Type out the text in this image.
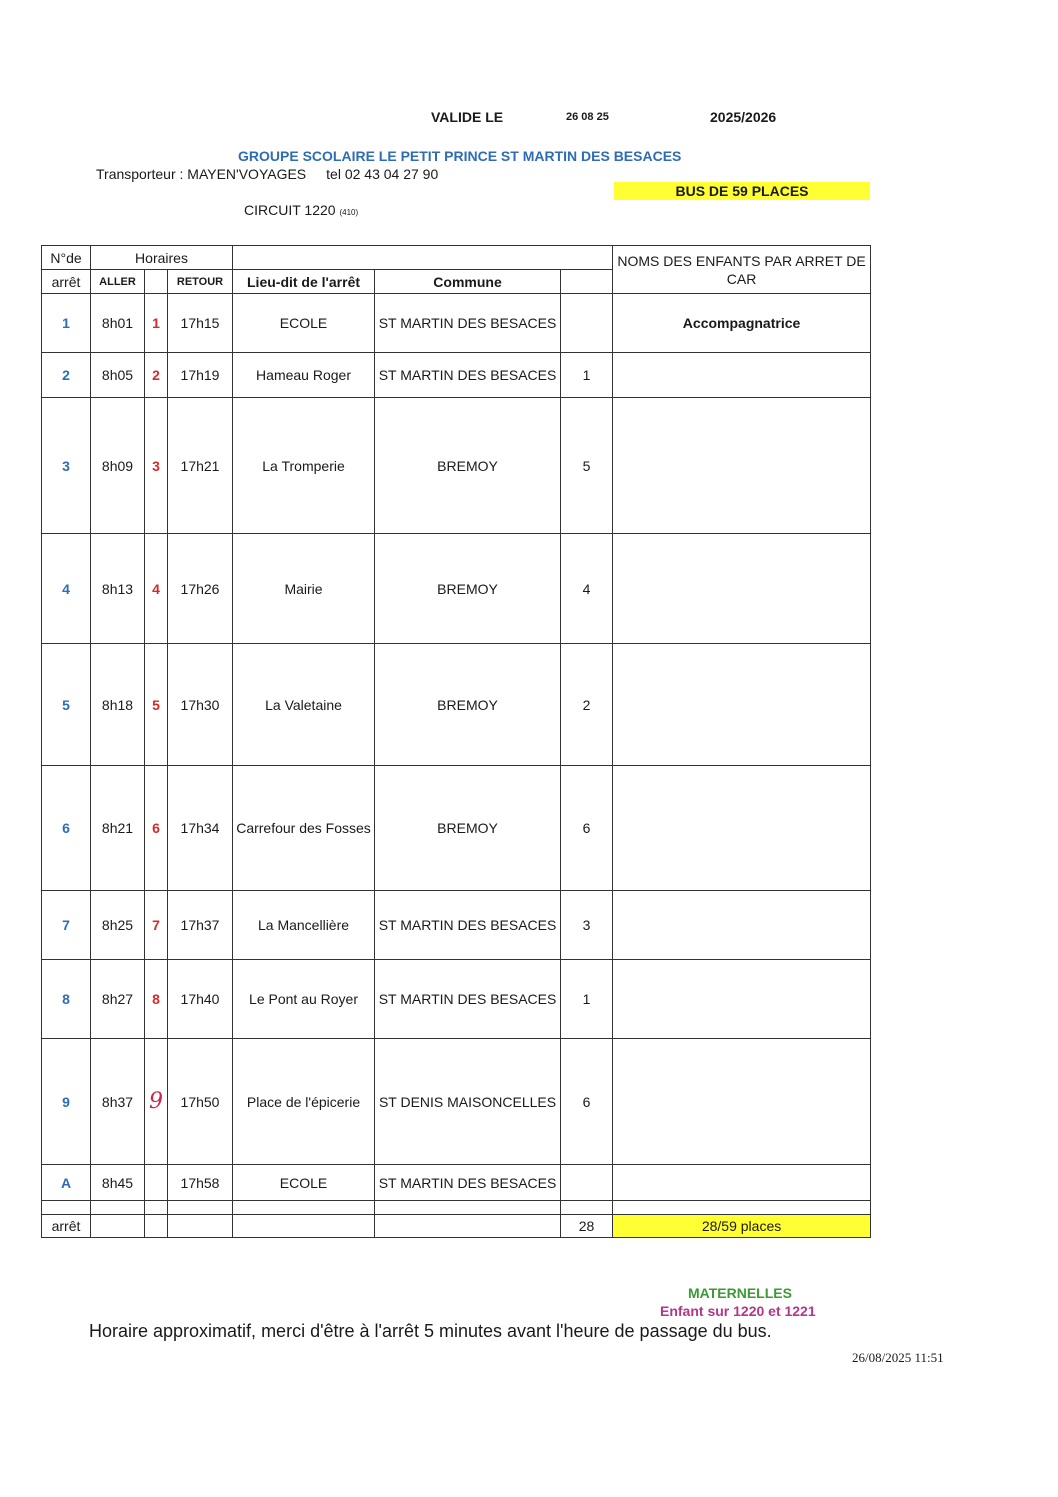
VALIDE LE	26 08 25	2025/2026
GROUPE SCOLAIRE LE PETIT PRINCE ST MARTIN DES BESACES
Transporteur : MAYEN'VOYAGES tel 02 43 04 27 90
BUS DE 59 PLACES
CIRCUIT 1220 (410)
N°de	Horaires						NOMS DES ENFANTS PAR ARRET DE CAR
arrêt	ALLER		RETOUR	Lieu-dit de l'arrêt	Commune		
1	8h01	1	17h15	ECOLE	ST MARTIN DES BESACES		Accompagnatrice
2	8h05	2	17h19	Hameau Roger	ST MARTIN DES BESACES	1	
3	8h09	3	17h21	La Tromperie	BREMOY	5	
4	8h13	4	17h26	Mairie	BREMOY	4	
5	8h18	5	17h30	La Valetaine	BREMOY	2	
6	8h21	6	17h34	Carrefour des Fosses	BREMOY	6	
7	8h25	7	17h37	La Mancellière	ST MARTIN DES BESACES	3	
8	8h27	8	17h40	Le Pont au Royer	ST MARTIN DES BESACES	1	
9	8h37	9	17h50	Place de l'épicerie	ST DENIS MAISONCELLES	6	
A	8h45		17h58	ECOLE	ST MARTIN DES BESACES		

arrêt						28	28/59 places
MATERNELLES
Enfant sur 1220 et 1221
Horaire approximatif, merci d'être à l'arrêt 5 minutes avant l'heure de passage du bus.
26/08/2025 11:51
